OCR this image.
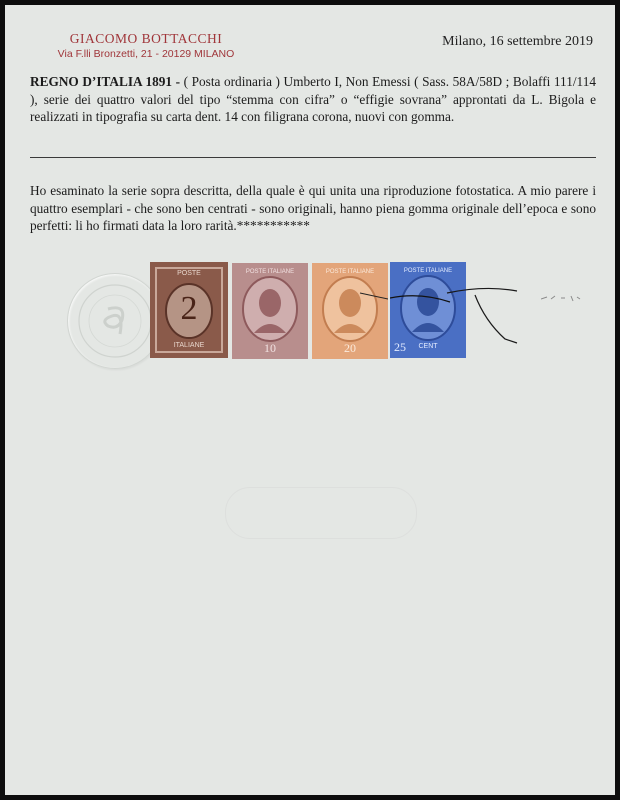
GIACOMO BOTTACCHI
Via F.lli Bronzetti, 21 - 20129 MILANO
Milano, 16 settembre 2019
REGNO D’ITALIA 1891 - ( Posta ordinaria ) Umberto I, Non Emessi ( Sass. 58A/58D ; Bolaffi 111/114 ), serie dei quattro valori del tipo “stemma con cifra” o “effigie sovrana” approntati da L. Bigola e realizzati in tipografia su carta dent. 14 con filigrana corona, nuovi con gomma.
Ho esaminato la serie sopra descritta, della quale è qui unita una riproduzione fotostatica. A mio parere i quattro esemplari - che sono ben centrati - sono originali, hanno piena gomma originale dell’epoca e sono perfetti: li ho firmati data la loro rarità.***********
POSTE
2
ITALIANE
POSTE ITALIANE
10
POSTE ITALIANE
20
POSTE ITALIANE
25	CENT
